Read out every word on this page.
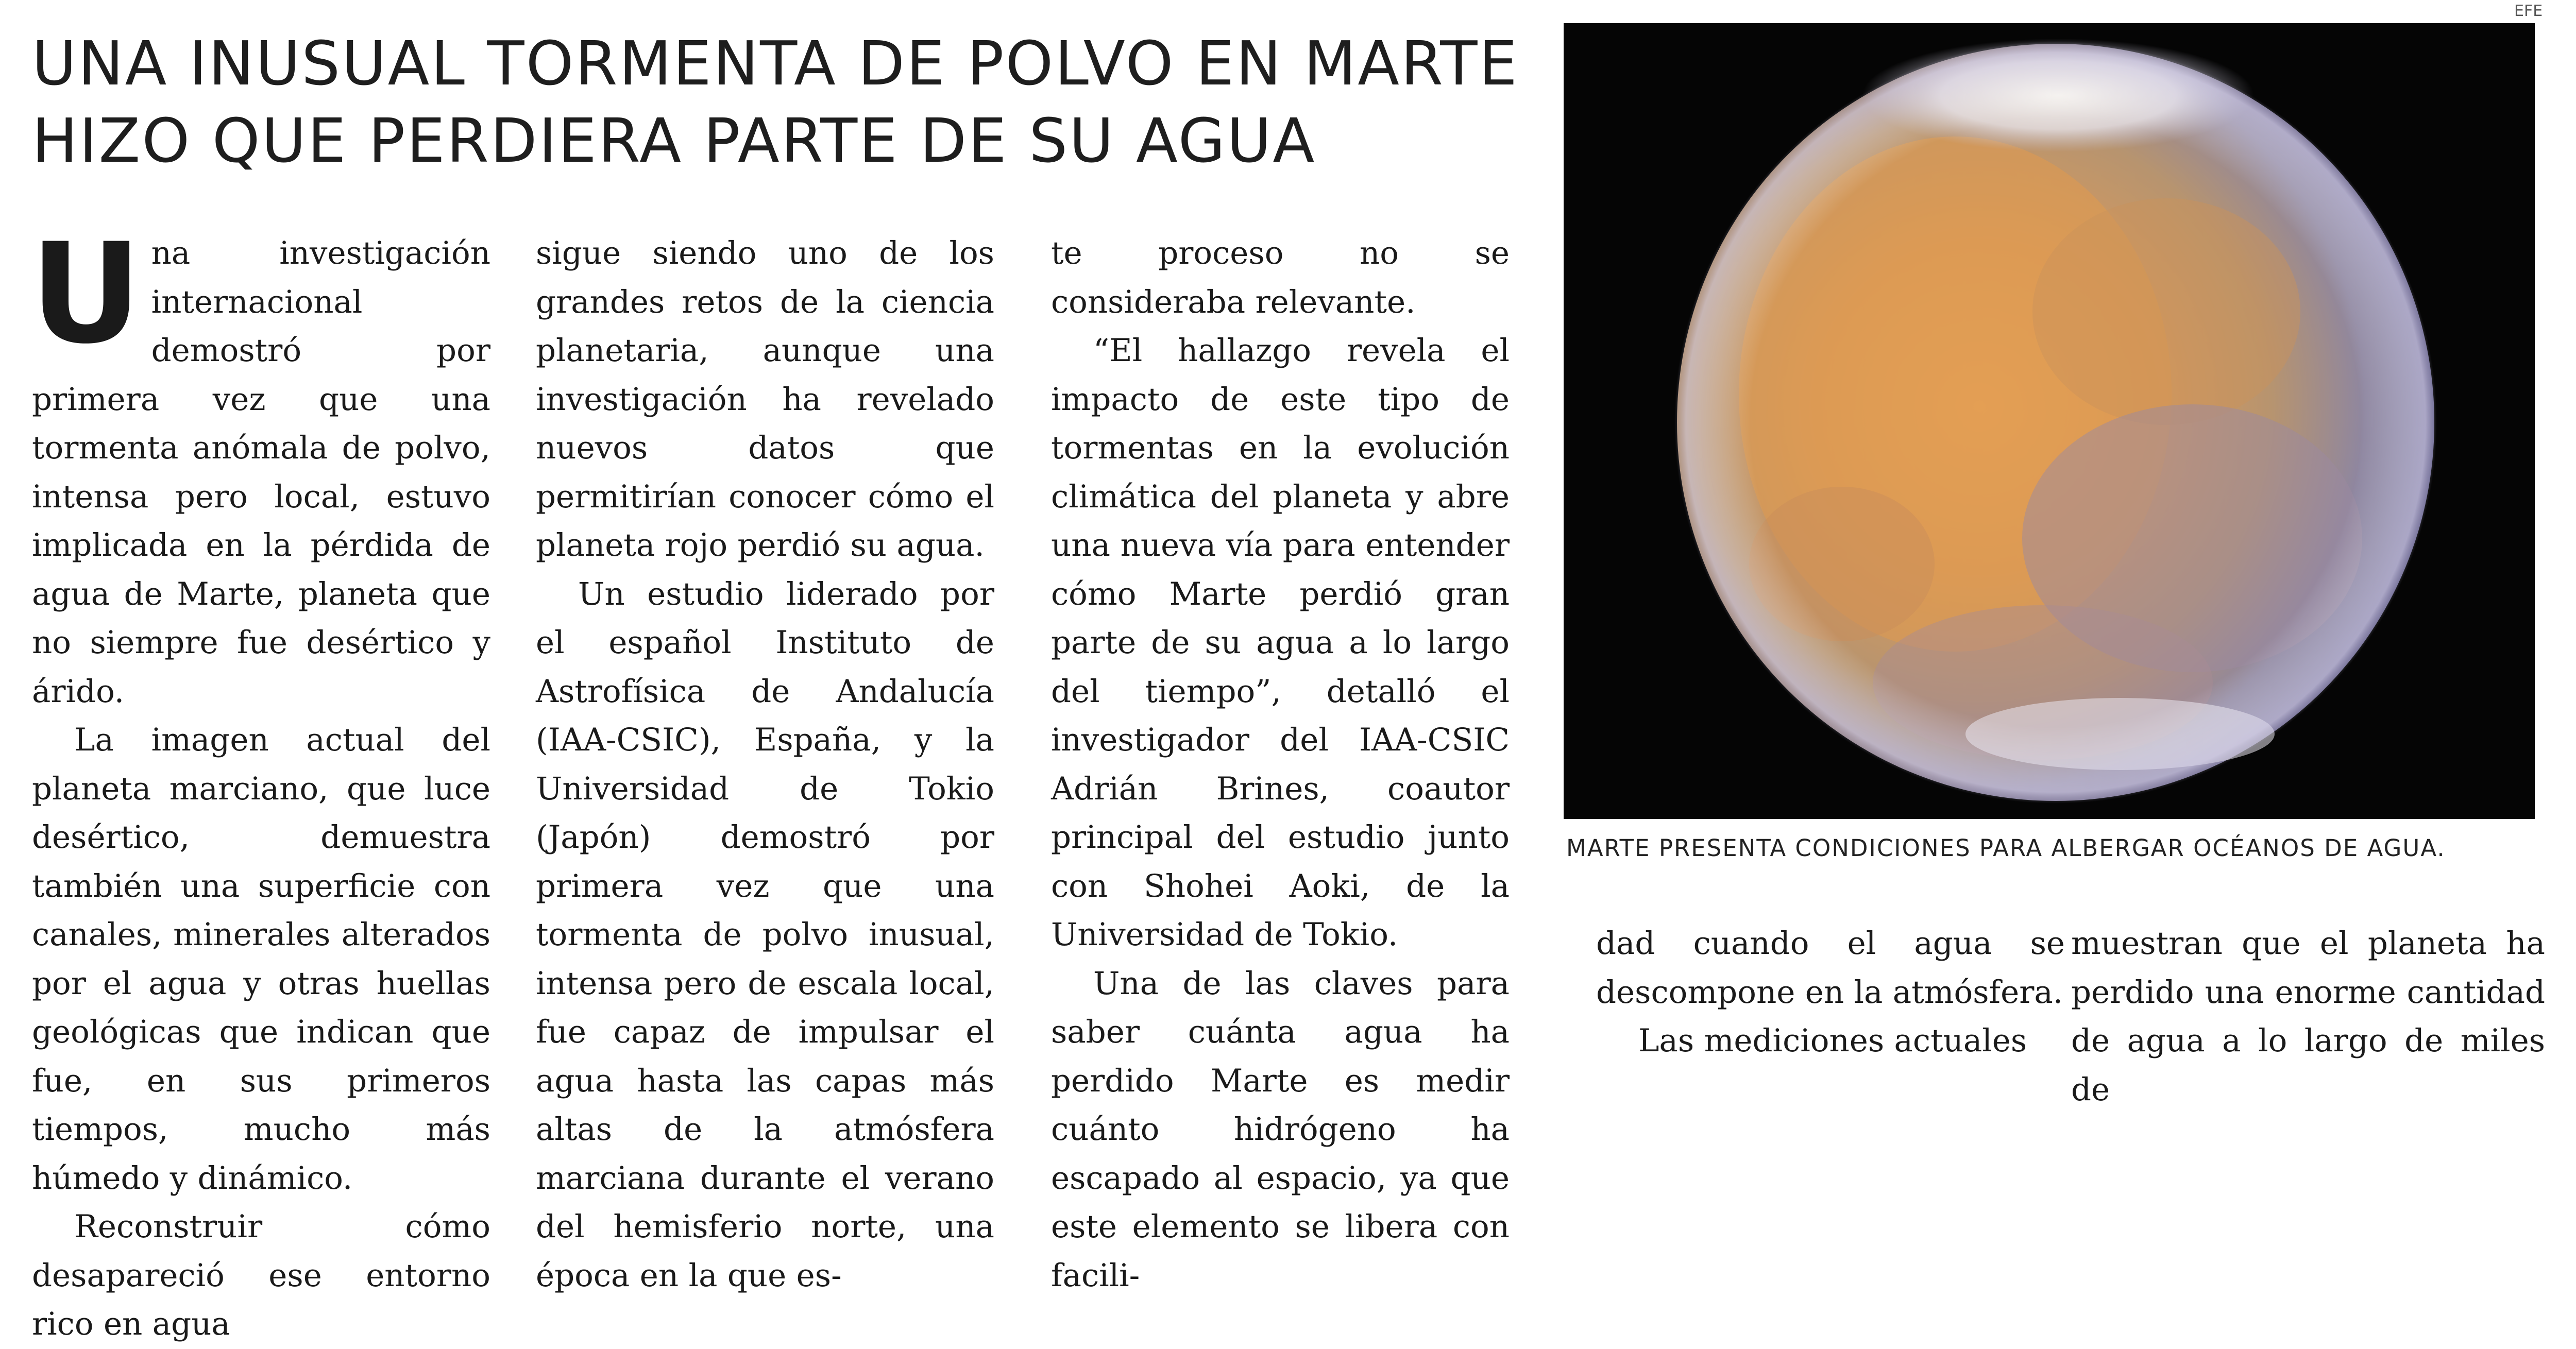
UNA INUSUAL TORMENTA DE POLVO EN MARTE HIZO QUE PERDIERA PARTE DE SU AGUA

Una investigación internacional demostró por primera vez que una tormenta anómala de polvo, intensa pero local, estuvo implicada en la pérdida de agua de Marte, planeta que no siempre fue desértico y árido.

La imagen actual del planeta marciano, que luce desértico, demuestra también una superficie con canales, minerales alterados por el agua y otras huellas geológicas que indican que fue, en sus primeros tiempos, mucho más húmedo y dinámico.

Reconstruir cómo desapareció ese entorno rico en agua

sigue siendo uno de los grandes retos de la ciencia planetaria, aunque una investigación ha revelado nuevos datos que permitirían conocer cómo el planeta rojo perdió su agua.

Un estudio liderado por el español Instituto de Astrofísica de Andalucía (IAA-CSIC), España, y la Universidad de Tokio (Japón) demostró por primera vez que una tormenta de polvo inusual, intensa pero de escala local, fue capaz de impulsar el agua hasta las capas más altas de la atmósfera marciana durante el verano del hemisferio norte, una época en la que es-

te proceso no se consideraba relevante.

“El hallazgo revela el impacto de este tipo de tormentas en la evolución climática del planeta y abre una nueva vía para entender cómo Marte perdió gran parte de su agua a lo largo del tiempo”, detalló el investigador del IAA-CSIC Adrián Brines, coautor principal del estudio junto con Shohei Aoki, de la Universidad de Tokio.

Una de las claves para saber cuánta agua ha perdido Marte es medir cuánto hidrógeno ha escapado al espacio, ya que este elemento se libera con facili-

EFE
MARTE PRESENTA CONDICIONES PARA ALBERGAR OCÉANOS DE AGUA.

dad cuando el agua se descompone en la atmósfera.

Las mediciones actuales

muestran que el planeta ha perdido una enorme cantidad de agua a lo largo de miles de
